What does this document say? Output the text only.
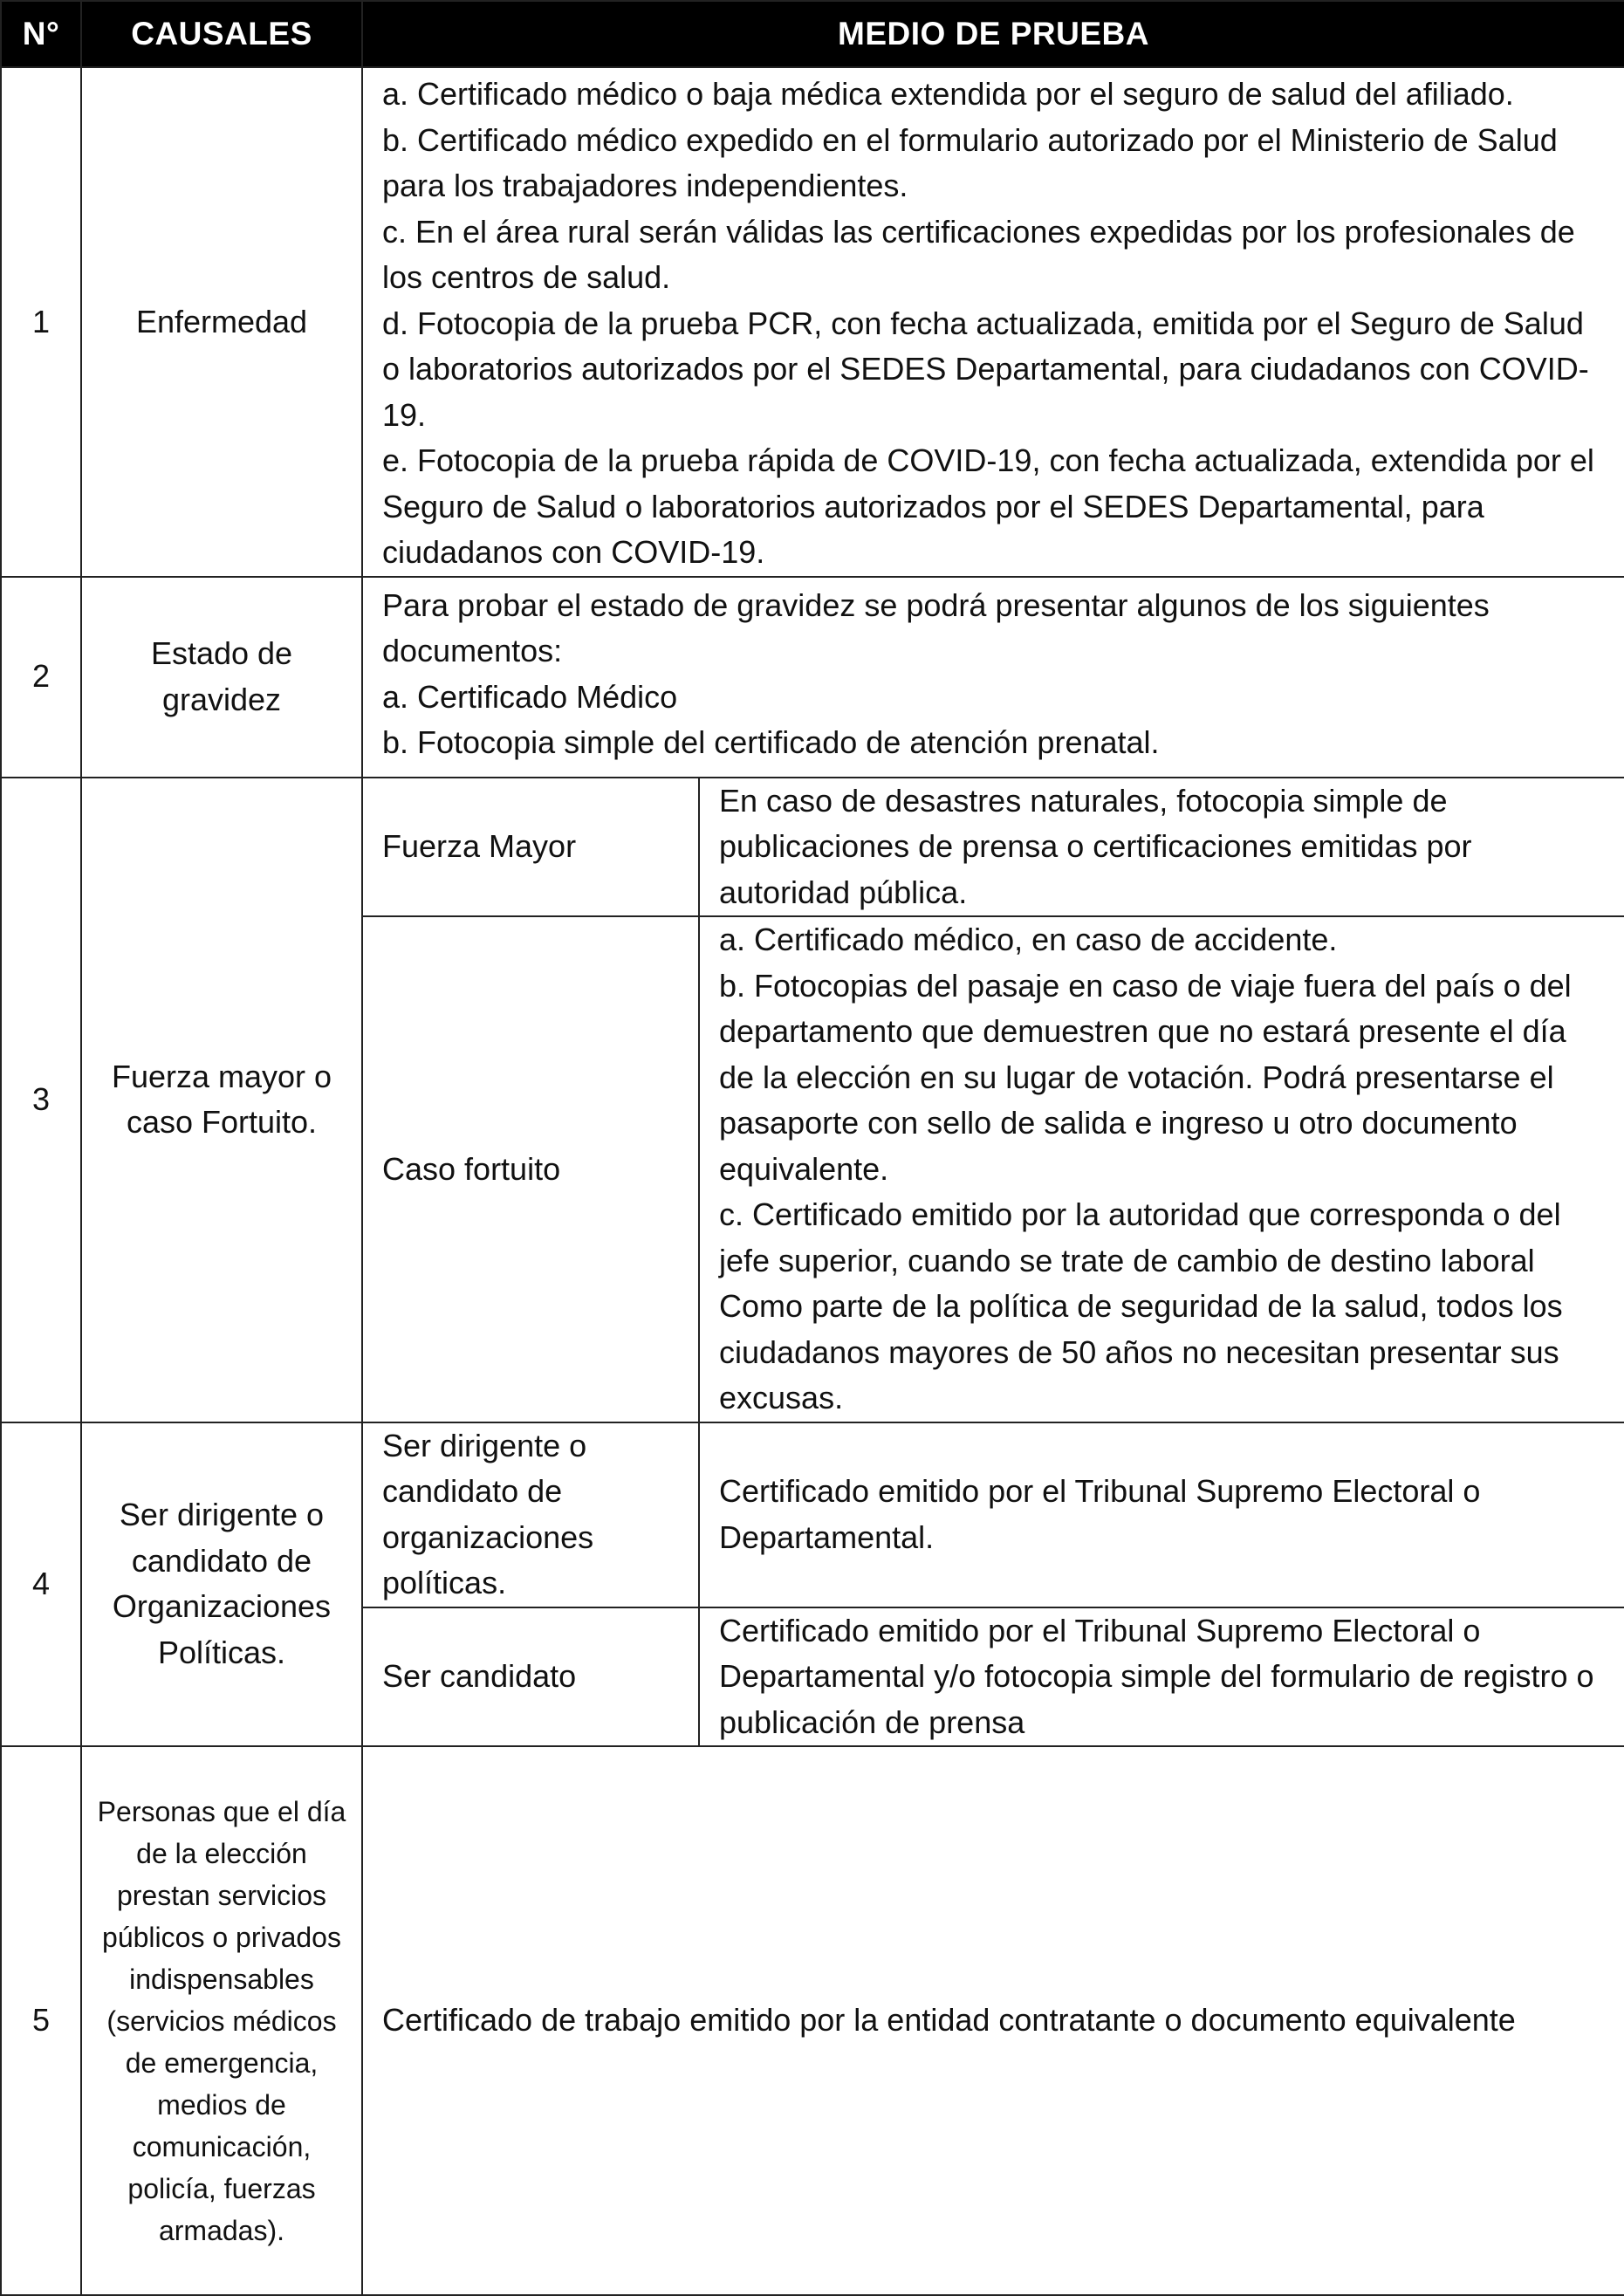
N°	CAUSALES	MEDIO DE PRUEBA	
1	Enfermedad	a. Certificado médico o baja médica extendida por el seguro de salud del afiliado.
b. Certificado médico expedido en el formulario autorizado por el Ministerio de Salud para los trabajadores independientes.
c. En el área rural serán válidas las certificaciones expedidas por los profesionales de los centros de salud.
d. Fotocopia de la prueba PCR, con fecha actualizada, emitida por el Seguro de Salud o laboratorios autorizados por el SEDES Departamental, para ciudadanos con COVID-19.
e. Fotocopia de la prueba rápida de COVID-19, con fecha actualizada, extendida por el Seguro de Salud o laboratorios autorizados por el SEDES Departamental, para ciudadanos con COVID-19.	

2	Estado de gravidez	Para probar el estado de gravidez se podrá presentar algunos de los siguientes documentos:
a. Certificado Médico
b. Fotocopia simple del certificado de atención prenatal.	

3	Fuerza mayor o caso Fortuito.	Fuerza Mayor	En caso de desastres naturales, fotocopia simple de publicaciones de prensa o certificaciones emitidas por autoridad pública.

		Caso fortuito	a. Certificado médico, en caso de accidente.
b. Fotocopias del pasaje en caso de viaje fuera del país o del departamento que demuestren que no estará presente el día de la elección en su lugar de votación. Podrá presentarse el pasaporte con sello de salida e ingreso u otro documento equivalente.
c. Certificado emitido por la autoridad que corresponda o del jefe superior, cuando se trate de cambio de destino laboral Como parte de la política de seguridad de la salud, todos los ciudadanos mayores de 50 años no necesitan presentar sus excusas.

4	Ser dirigente o candidato de Organizaciones Políticas.	Ser dirigente o candidato de organizaciones políticas.	Certificado emitido por el Tribunal Supremo Electoral o Departamental.

		Ser candidato	Certificado emitido por el Tribunal Supremo Electoral o Departamental y/o fotocopia simple del formulario de registro o publicación de prensa

5	Personas que el día de la elección prestan servicios públicos o privados indispensables (servicios médicos de emergencia, medios de comunicación, policía, fuerzas armadas).	Certificado de trabajo emitido por la entidad contratante o documento equivalente	
